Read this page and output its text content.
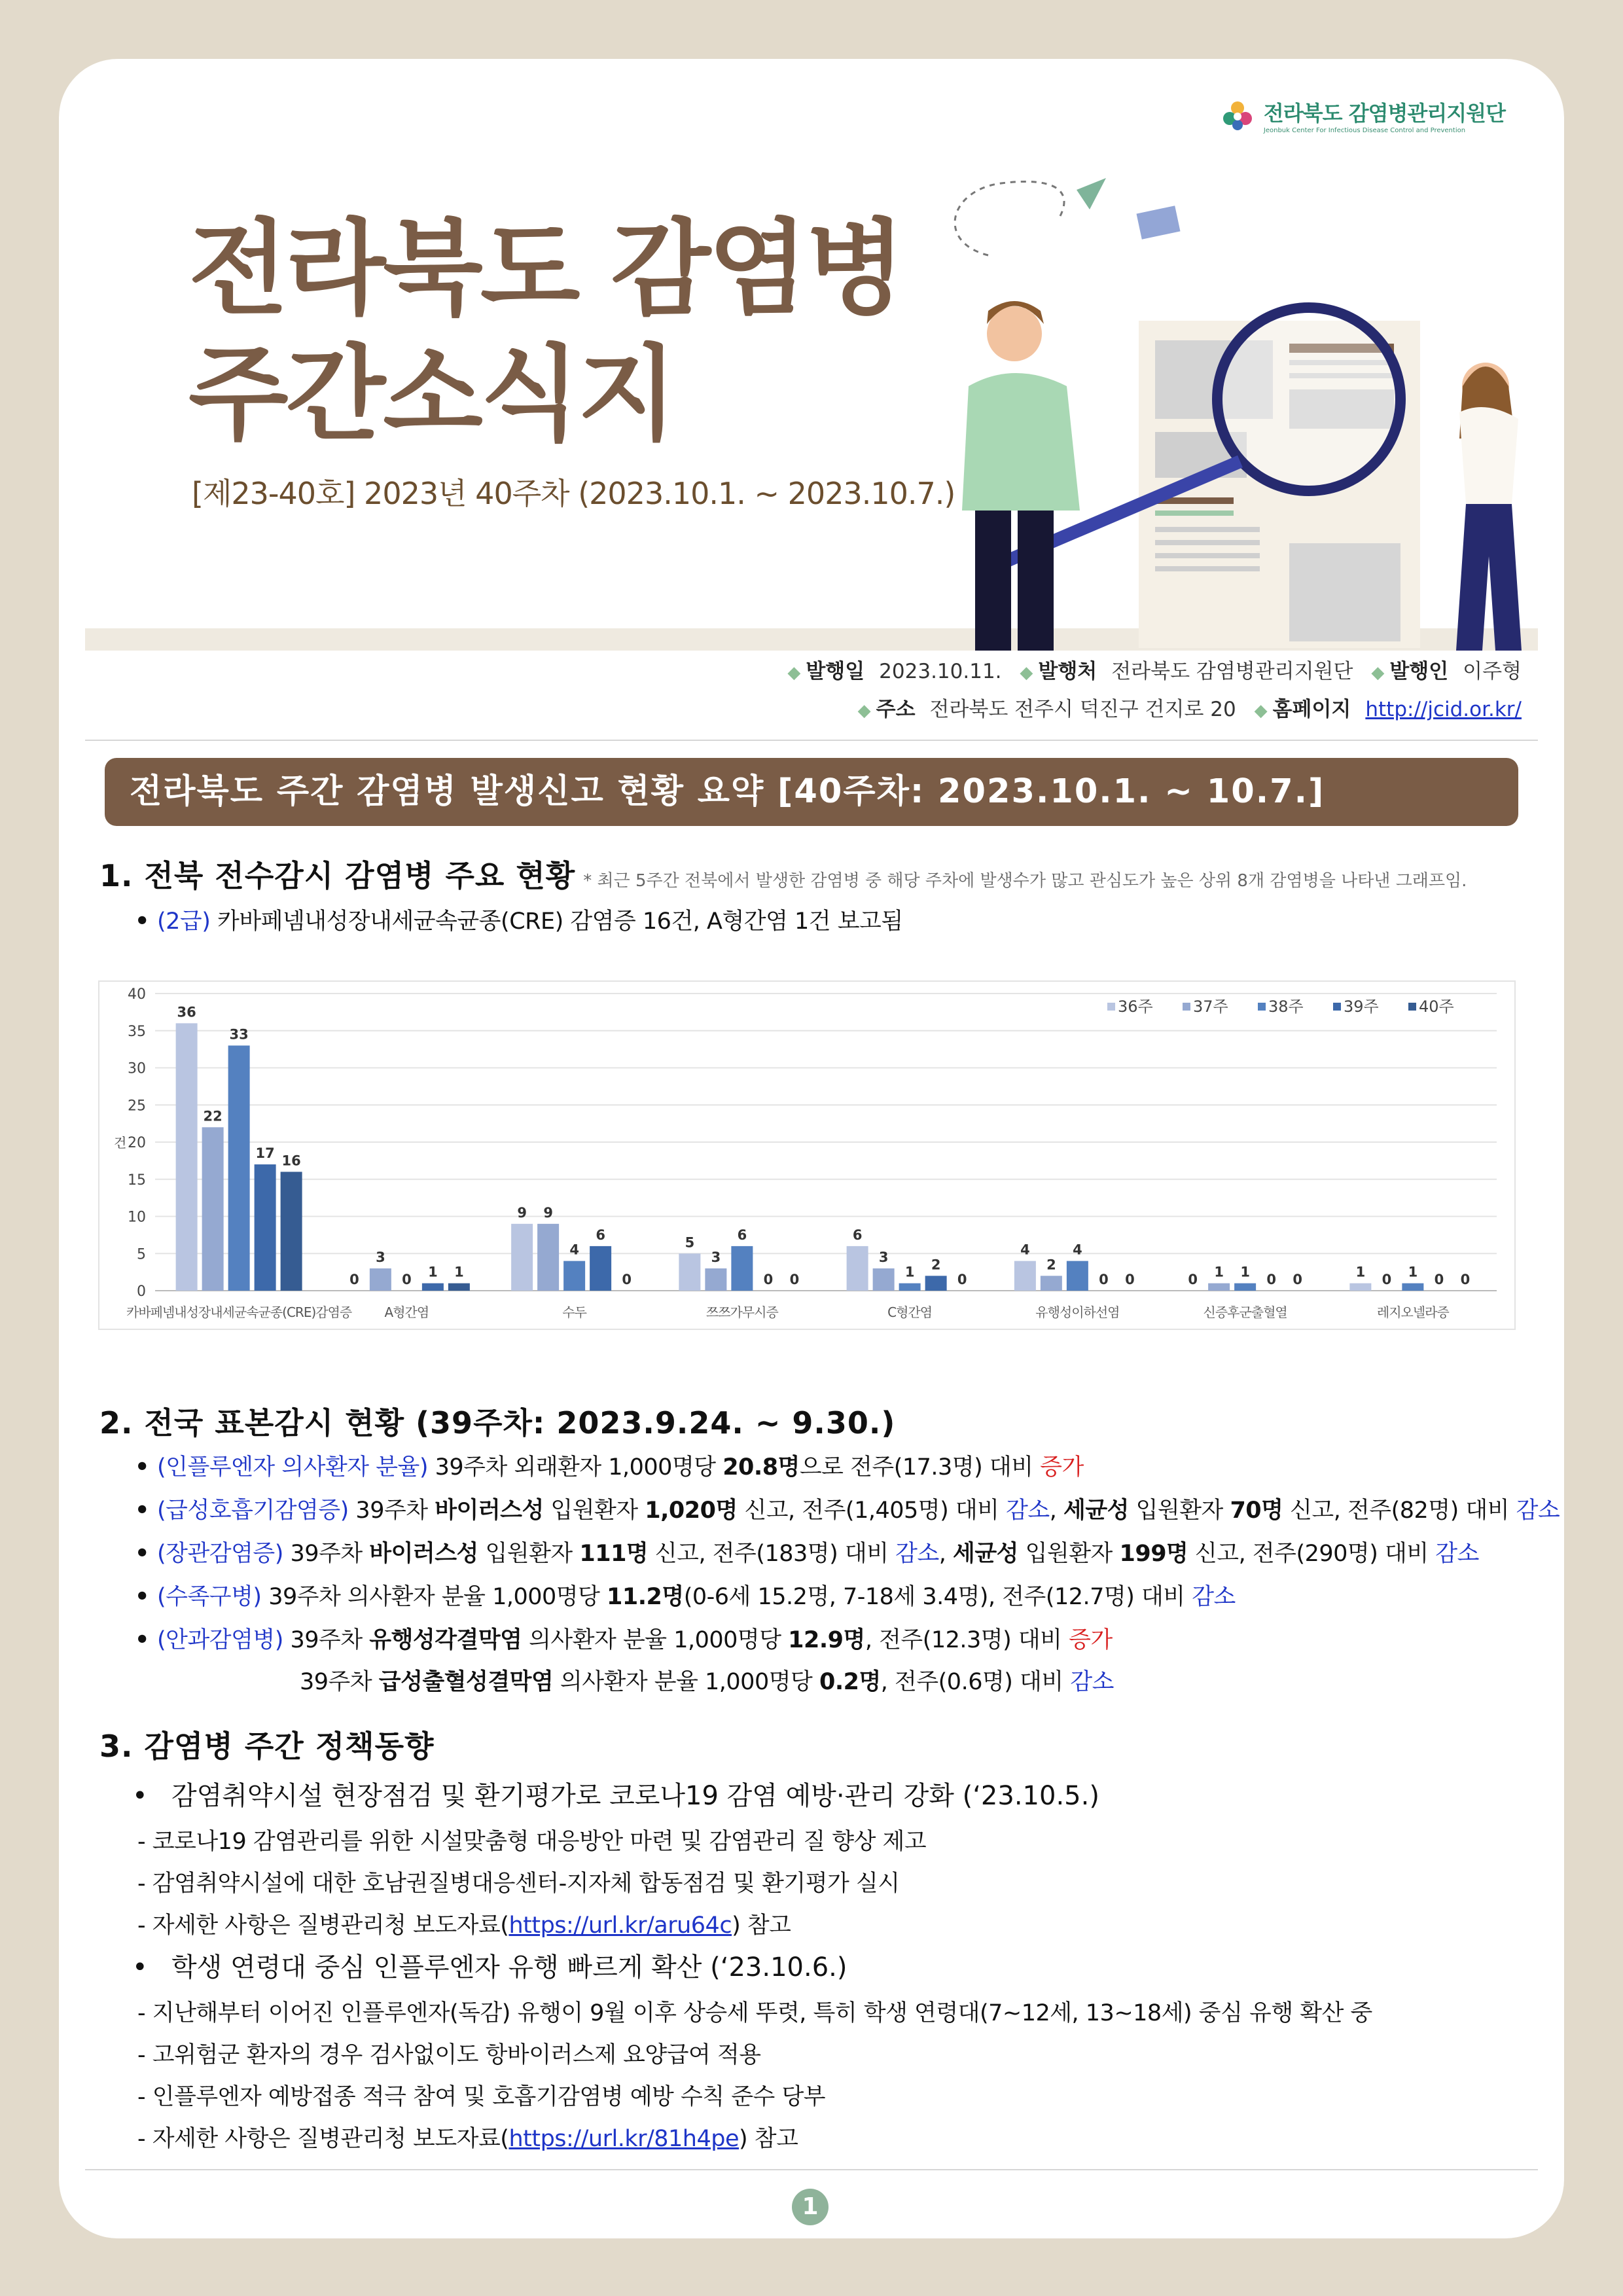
전라북도 감염병관리지원단
Jeonbuk Center For Infectious Disease Control and Prevention
전라북도 감염병
주간소식지
[제23-40호] 2023년 40주차 (2023.10.1. ~ 2023.10.7.)
◆ 발행일 2023.10.11. ◆ 발행처 전라북도 감염병관리지원단 ◆ 발행인 이주형
◆ 주소 전라북도 전주시 덕진구 건지로 20 ◆ 홈페이지 http://jcid.or.kr/
전라북도 주간 감염병 발생신고 현황 요약 [40주차: 2023.10.1. ~ 10.7.]
1. 전북 전수감시 감염병 주요 현황 * 최근 5주간 전북에서 발생한 감염병 중 해당 주차에 발생수가 많고 관심도가 높은 상위 8개 감염병을 나타낸 그래프임.
• (2급) 카바페넴내성장내세균속균종(CRE) 감염증 16건, A형간염 1건 보고됨
0
5
10
15
20
25
30
35
40
건
36
22
33
17 16
카바페넴내성장내세균속균종(CRE)감염증
0
3
0 1 1
A형간염
9 9
4
6
0
수두
5
3
6
0 0
쯔쯔가무시증
6
3
1 2
0
C형간염
4
2
4
0 0
유행성이하선염
0 1 1 0 0
신증후군출혈열
1 0 1 0 0
레지오넬라증
36주	37주	38주	39주	40주
2. 전국 표본감시 현황 (39주차: 2023.9.24. ~ 9.30.)
• (인플루엔자 의사환자 분율) 39주차 외래환자 1,000명당 20.8명으로 전주(17.3명) 대비 증가
• (급성호흡기감염증) 39주차 바이러스성 입원환자 1,020명 신고, 전주(1,405명) 대비 감소, 세균성 입원환자 70명 신고, 전주(82명) 대비 감소
• (장관감염증) 39주차 바이러스성 입원환자 111명 신고, 전주(183명) 대비 감소, 세균성 입원환자 199명 신고, 전주(290명) 대비 감소
• (수족구병) 39주차 의사환자 분율 1,000명당 11.2명(0-6세 15.2명, 7-18세 3.4명), 전주(12.7명) 대비 감소
• (안과감염병) 39주차 유행성각결막염 의사환자 분율 1,000명당 12.9명, 전주(12.3명) 대비 증가
39주차 급성출혈성결막염 의사환자 분율 1,000명당 0.2명, 전주(0.6명) 대비 감소
3. 감염병 주간 정책동향
• 감염취약시설 현장점검 및 환기평가로 코로나19 감염 예방·관리 강화 (‘23.10.5.)
- 코로나19 감염관리를 위한 시설맞춤형 대응방안 마련 및 감염관리 질 향상 제고
- 감염취약시설에 대한 호남권질병대응센터-지자체 합동점검 및 환기평가 실시
- 자세한 사항은 질병관리청 보도자료(https://url.kr/aru64c) 참고
• 학생 연령대 중심 인플루엔자 유행 빠르게 확산 (‘23.10.6.)
- 지난해부터 이어진 인플루엔자(독감) 유행이 9월 이후 상승세 뚜렷, 특히 학생 연령대(7~12세, 13~18세) 중심 유행 확산 중
- 고위험군 환자의 경우 검사없이도 항바이러스제 요양급여 적용
- 인플루엔자 예방접종 적극 참여 및 호흡기감염병 예방 수칙 준수 당부
- 자세한 사항은 질병관리청 보도자료(https://url.kr/81h4pe) 참고
1
